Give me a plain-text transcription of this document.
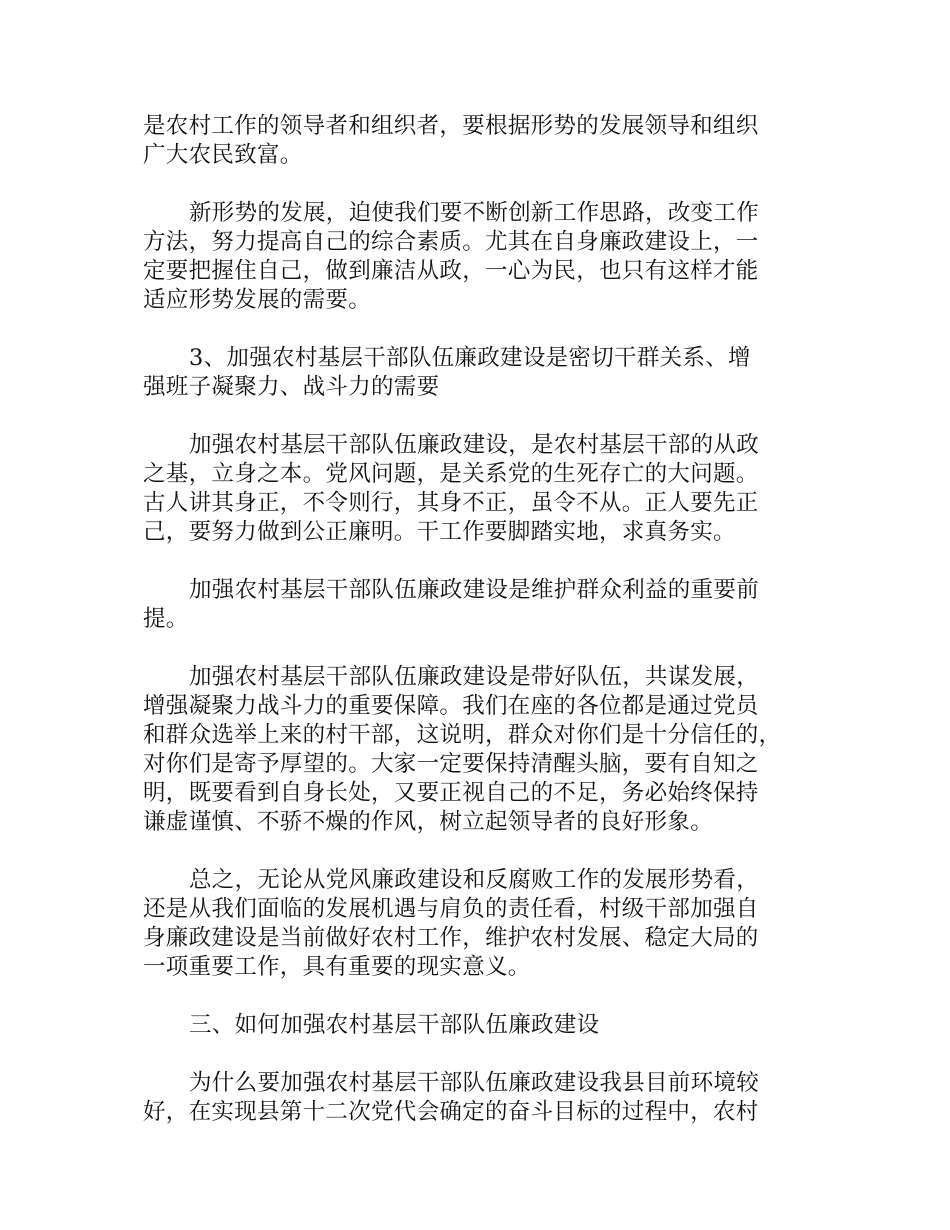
是农村工作的领导者和组织者，要根据形势的发展领导和组织
广大农民致富。

新形势的发展，迫使我们要不断创新工作思路，改变工作
方法，努力提高自己的综合素质。尤其在自身廉政建设上，一
定要把握住自己，做到廉洁从政，一心为民，也只有这样才能
适应形势发展的需要。

3、加强农村基层干部队伍廉政建设是密切干群关系、增
强班子凝聚力、战斗力的需要

加强农村基层干部队伍廉政建设，是农村基层干部的从政
之基，立身之本。党风问题，是关系党的生死存亡的大问题。
古人讲其身正，不令则行，其身不正，虽令不从。正人要先正
己，要努力做到公正廉明。干工作要脚踏实地，求真务实。

加强农村基层干部队伍廉政建设是维护群众利益的重要前
提。

加强农村基层干部队伍廉政建设是带好队伍，共谋发展，
增强凝聚力战斗力的重要保障。我们在座的各位都是通过党员
和群众选举上来的村干部，这说明，群众对你们是十分信任的，
对你们是寄予厚望的。大家一定要保持清醒头脑，要有自知之
明，既要看到自身长处，又要正视自己的不足，务必始终保持
谦虚谨慎、不骄不燥的作风，树立起领导者的良好形象。

总之，无论从党风廉政建设和反腐败工作的发展形势看，
还是从我们面临的发展机遇与肩负的责任看，村级干部加强自
身廉政建设是当前做好农村工作，维护农村发展、稳定大局的
一项重要工作，具有重要的现实意义。

三、如何加强农村基层干部队伍廉政建设

为什么要加强农村基层干部队伍廉政建设我县目前环境较
好，在实现县第十二次党代会确定的奋斗目标的过程中，农村
